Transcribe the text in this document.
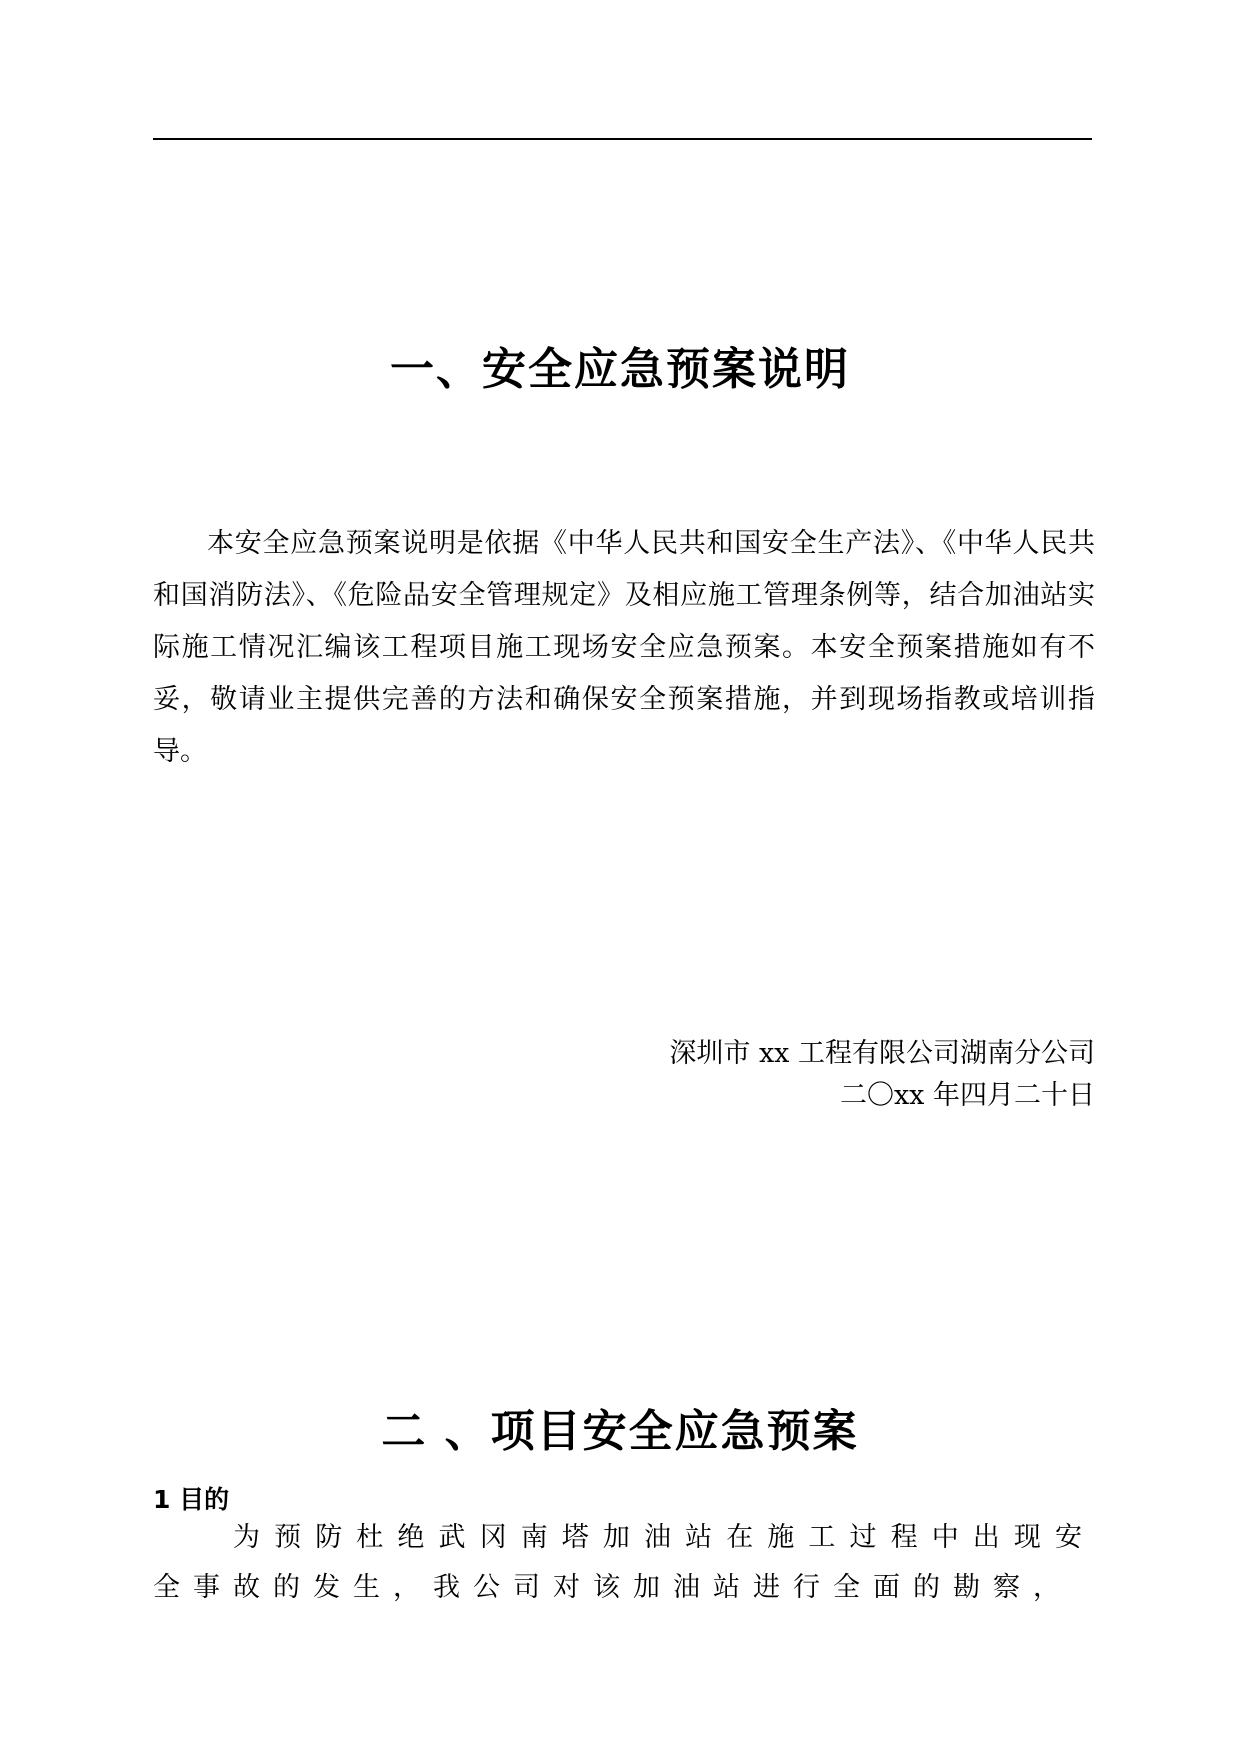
一、安全应急预案说明

本安全应急预案说明是依据《中华人民共和国安全生产法》、《中华人民共和国消防法》、《危险品安全管理规定》及相应施工管理条例等，结合加油站实际施工情况汇编该工程项目施工现场安全应急预案。本安全预案措施如有不妥，敬请业主提供完善的方法和确保安全预案措施，并到现场指教或培训指导。

深圳市 xx 工程有限公司湖南分公司

二〇xx 年四月二十日

二 、项目安全应急预案
1 目的

为预防杜绝武冈南塔加油站在施工过程中出现安全事故的发生，我公司对该加油站进行全面的勘察，
